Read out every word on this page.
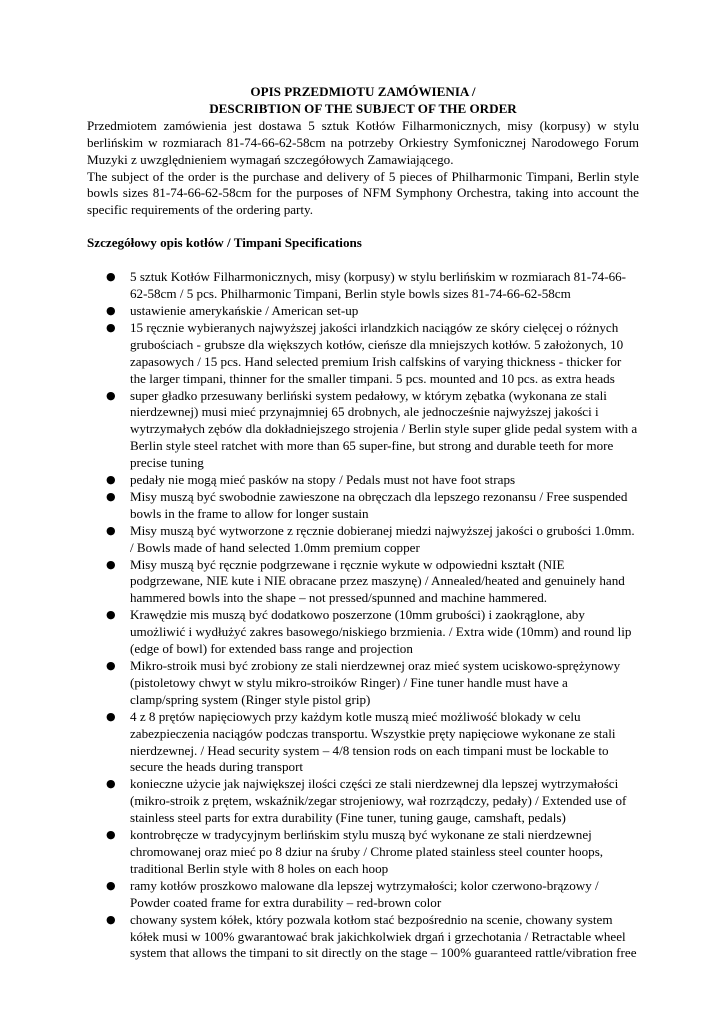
OPIS PRZEDMIOTU ZAMÓWIENIA /

DESCRIBTION OF THE SUBJECT OF THE ORDER

Przedmiotem zamówienia jest dostawa 5 sztuk Kotłów Filharmonicznych, misy (korpusy) w stylu berlińskim w rozmiarach 81-74-66-62-58cm na potrzeby Orkiestry Symfonicznej Narodowego Forum Muzyki z uwzględnieniem wymagań szczegółowych Zamawiającego.

The subject of the order is the purchase and delivery of 5 pieces of Philharmonic Timpani, Berlin style bowls sizes 81-74-66-62-58cm for the purposes of NFM Symphony Orchestra, taking into account the specific requirements of the ordering party.

Szczegółowy opis kotłów / Timpani Specifications

● 5 sztuk Kotłów Filharmonicznych, misy (korpusy) w stylu berlińskim w rozmiarach 81-74-66-62-58cm / 5 pcs. Philharmonic Timpani, Berlin style bowls sizes 81-74-66-62-58cm
● ustawienie amerykańskie / American set-up
● 15 ręcznie wybieranych najwyższej jakości irlandzkich naciągów ze skóry cielęcej o różnych grubościach - grubsze dla większych kotłów, cieńsze dla mniejszych kotłów. 5 założonych, 10 zapasowych / 15 pcs. Hand selected premium Irish calfskins of varying thickness - thicker for the larger timpani, thinner for the smaller timpani. 5 pcs. mounted and 10 pcs. as extra heads
● super gładko przesuwany berliński system pedałowy, w którym zębatka (wykonana ze stali nierdzewnej) musi mieć przynajmniej 65 drobnych, ale jednocześnie najwyższej jakości i wytrzymałych zębów dla dokładniejszego strojenia / Berlin style super glide pedal system with a Berlin style steel ratchet with more than 65 super-fine, but strong and durable teeth for more precise tuning
● pedały nie mogą mieć pasków na stopy / Pedals must not have foot straps
● Misy muszą być swobodnie zawieszone na obręczach dla lepszego rezonansu / Free suspended bowls in the frame to allow for longer sustain
● Misy muszą być wytworzone z ręcznie dobieranej miedzi najwyższej jakości o grubości 1.0mm. / Bowls made of hand selected 1.0mm premium copper
● Misy muszą być ręcznie podgrzewane i ręcznie wykute w odpowiedni kształt (NIE podgrzewane, NIE kute i NIE obracane przez maszynę) / Annealed/heated and genuinely hand hammered bowls into the shape – not pressed/spunned and machine hammered.
● Krawędzie mis muszą być dodatkowo poszerzone (10mm grubości) i zaokrąglone, aby umożliwić i wydłużyć zakres basowego/niskiego brzmienia. / Extra wide (10mm) and round lip (edge of bowl) for extended bass range and projection
● Mikro-stroik musi być zrobiony ze stali nierdzewnej oraz mieć system uciskowo-sprężynowy (pistoletowy chwyt w stylu mikro-stroików Ringer) / Fine tuner handle must have a clamp/spring system (Ringer style pistol grip)
● 4 z 8 prętów napięciowych przy każdym kotle muszą mieć możliwość blokady w celu zabezpieczenia naciągów podczas transportu. Wszystkie pręty napięciowe wykonane ze stali nierdzewnej. / Head security system – 4/8 tension rods on each timpani must be lockable to secure the heads during transport
● konieczne użycie jak największej ilości części ze stali nierdzewnej dla lepszej wytrzymałości (mikro-stroik z prętem, wskaźnik/zegar strojeniowy, wał rozrządczy, pedały) / Extended use of stainless steel parts for extra durability (Fine tuner, tuning gauge, camshaft, pedals)
● kontrobręcze w tradycyjnym berlińskim stylu muszą być wykonane ze stali nierdzewnej chromowanej oraz mieć po 8 dziur na śruby / Chrome plated stainless steel counter hoops, traditional Berlin style with 8 holes on each hoop
● ramy kotłów proszkowo malowane dla lepszej wytrzymałości; kolor czerwono-brązowy / Powder coated frame for extra durability – red-brown color
● chowany system kółek, który pozwala kotłom stać bezpośrednio na scenie, chowany system kółek musi w 100% gwarantować brak jakichkolwiek drgań i grzechotania / Retractable wheel system that allows the timpani to sit directly on the stage – 100% guaranteed rattle/vibration free
